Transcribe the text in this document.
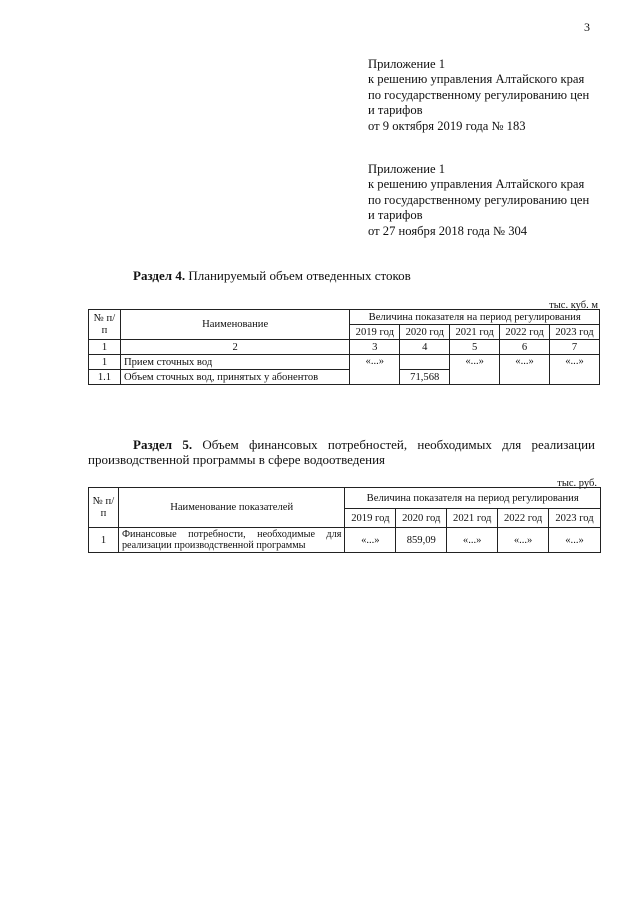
3
Приложение 1
к решению управления Алтайского края
по государственному регулированию цен
и тарифов
от 9 октября 2019 года № 183
Приложение 1
к решению управления Алтайского края
по государственному регулированию цен
и тарифов
от 27 ноября 2018 года № 304
Раздел 4. Планируемый объем отведенных стоков
тыс. куб. м
№ п/п	Наименование	Величина показателя на период регулирования				
		2019 год	2020 год	2021 год	2022 год	2023 год
1	2	3	4	5	6	7
1	Прием сточных вод	«...»		«...»	«...»	«...»
1.1	Объем сточных вод, принятых у абонентов		71,568			
Раздел 5. Объем финансовых потребностей, необходимых для реализации
производственной программы в сфере водоотведения
тыс. руб.
№ п/п	Наименование показателей	Величина показателя на период регулирования				
		2019 год	2020 год	2021 год	2022 год	2023 год
1	Финансовые потребности, необходимые для реализации производственной программы	«...»	859,09	«...»	«...»	«...»
